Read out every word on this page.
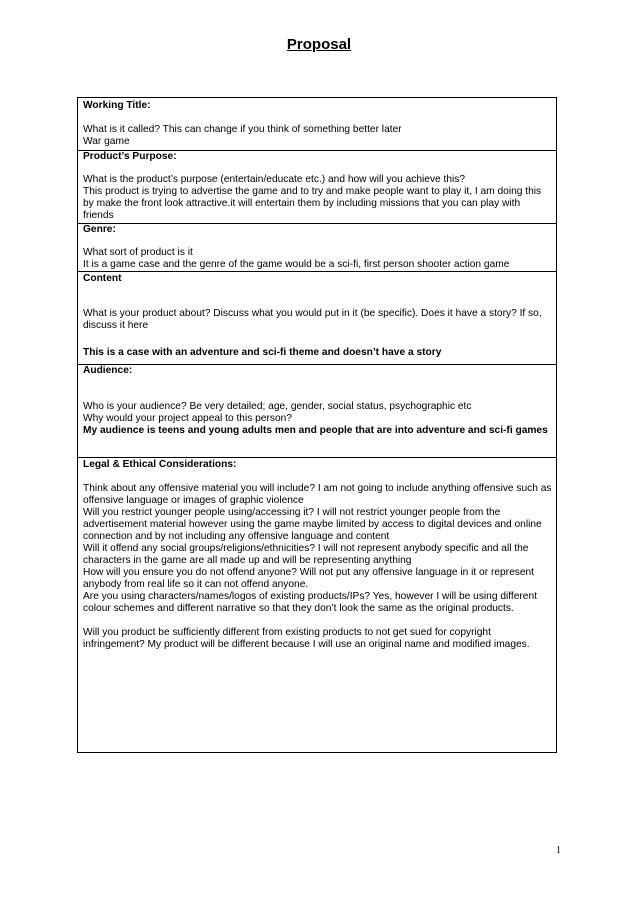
Proposal

Working Title:

What is it called? This can change if you think of something better later

War game

Product’s Purpose:

What is the product’s purpose (entertain/educate etc.) and how will you achieve this?

This product is trying to advertise the game and to try and make people want to play it, I am doing this by make the front look attractive.it will entertain them by including missions that you can play with friends

Genre:

What sort of product is it

It is a game case and the genre of the game would be a sci-fi, first person shooter action game

Content

What is your product about? Discuss what you would put in it (be specific). Does it have a story? If so, discuss it here

This is a case with an adventure and sci-fi theme and doesn’t have a story

Audience:

Who is your audience? Be very detailed; age, gender, social status, psychographic etc

Why would your project appeal to this person?

My audience is teens and young adults men and people that are into adventure and sci-fi games

Legal & Ethical Considerations:

Think about any offensive material you will include? I am not going to include anything offensive such as offensive language or images of graphic violence

Will you restrict younger people using/accessing it? I will not restrict younger people from the advertisement material however using the game maybe limited by access to digital devices and online connection and by not including any offensive language and content

Will it offend any social groups/religions/ethnicities? I will not represent anybody specific and all the characters in the game are all made up and will be representing anything

How will you ensure you do not offend anyone? Will not put any offensive language in it or represent anybody from real life so it can not offend anyone.

Are you using characters/names/logos of existing products/IPs? Yes, however I will be using different colour schemes and different narrative so that they don’t look the same as the original products.

Will you product be sufficiently different from existing products to not get sued for copyright infringement? My product will be different because I will use an original name and modified images.

1
